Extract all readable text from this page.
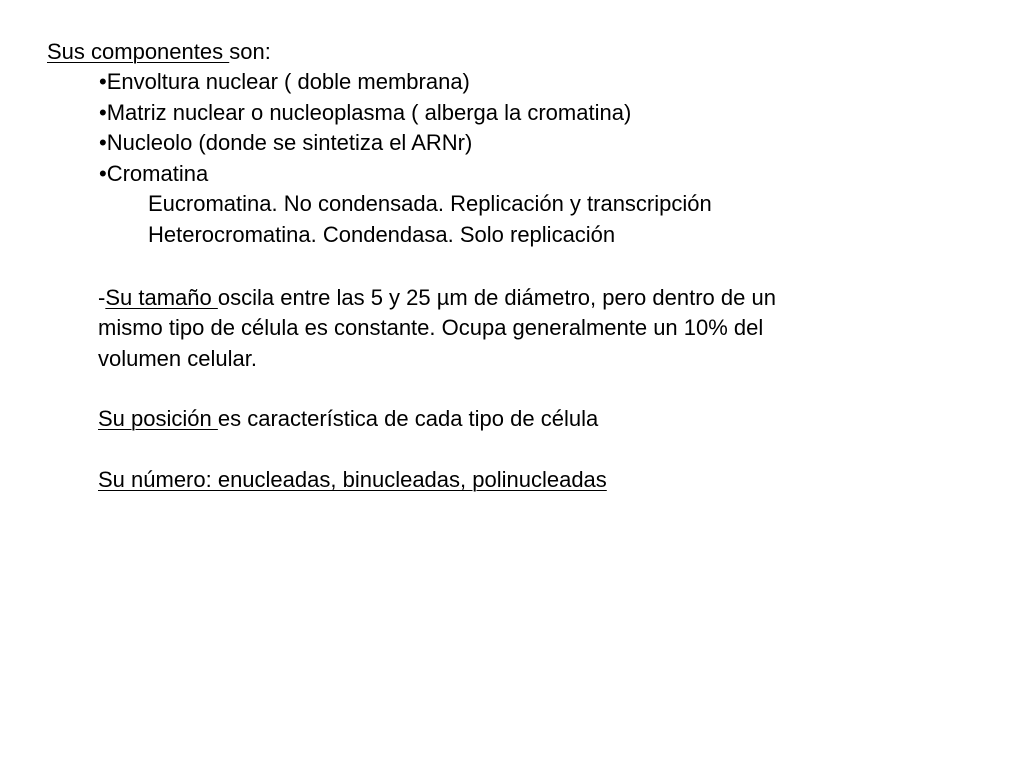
Sus componentes son:
•Envoltura nuclear ( doble membrana)
•Matriz nuclear o nucleoplasma ( alberga la cromatina)
•Nucleolo (donde se sintetiza el ARNr)
•Cromatina
Eucromatina. No condensada. Replicación y transcripción
Heterocromatina. Condendasa. Solo replicación
-Su tamaño oscila entre las 5 y 25 µm de diámetro, pero dentro de un
mismo tipo de célula es constante. Ocupa generalmente un 10% del
volumen celular.
Su posición es característica de cada tipo de célula
Su número: enucleadas, binucleadas, polinucleadas
